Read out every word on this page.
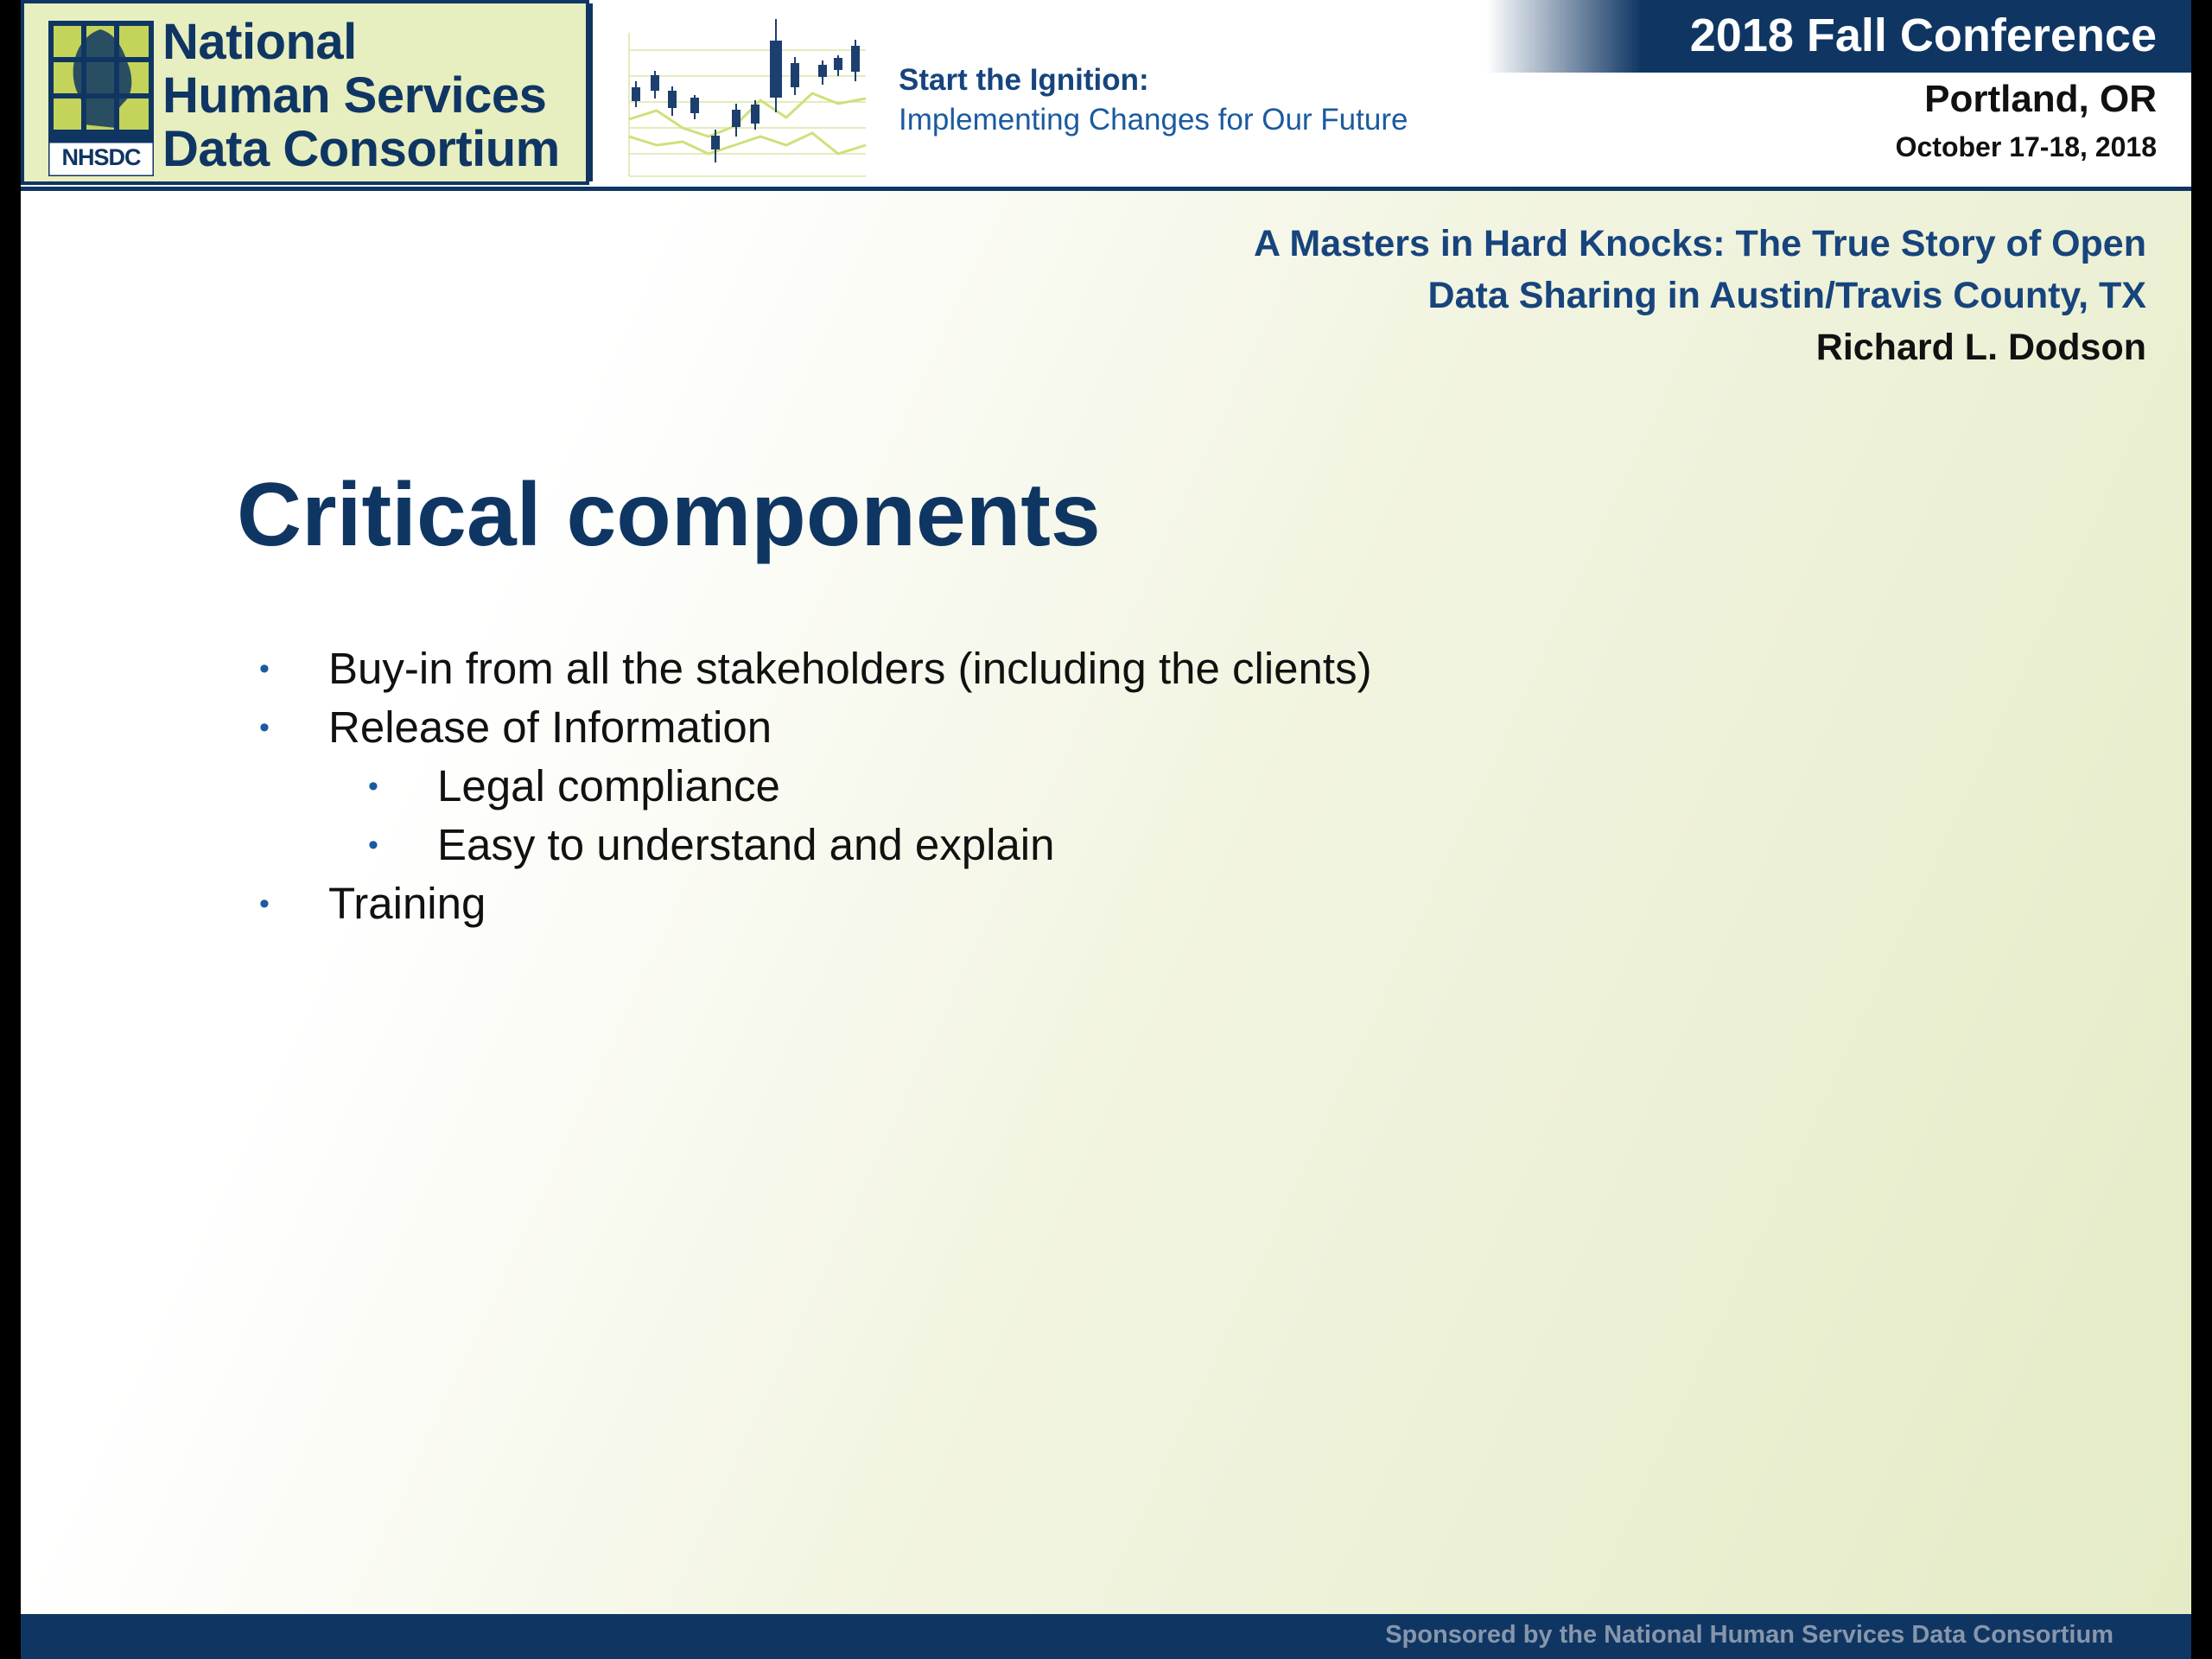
NHSDC
National
Human Services
Data Consortium
Start the Ignition:
Implementing Changes for Our Future
2018 Fall Conference
Portland, OR
October 17-18, 2018
A Masters in Hard Knocks: The True Story of Open
Data Sharing in Austin/Travis County, TX
Richard L. Dodson
Critical components
• Buy-in from all the stakeholders (including the clients)
• Release of Information
• Legal compliance
• Easy to understand and explain
• Training
Sponsored by the National Human Services Data Consortium
